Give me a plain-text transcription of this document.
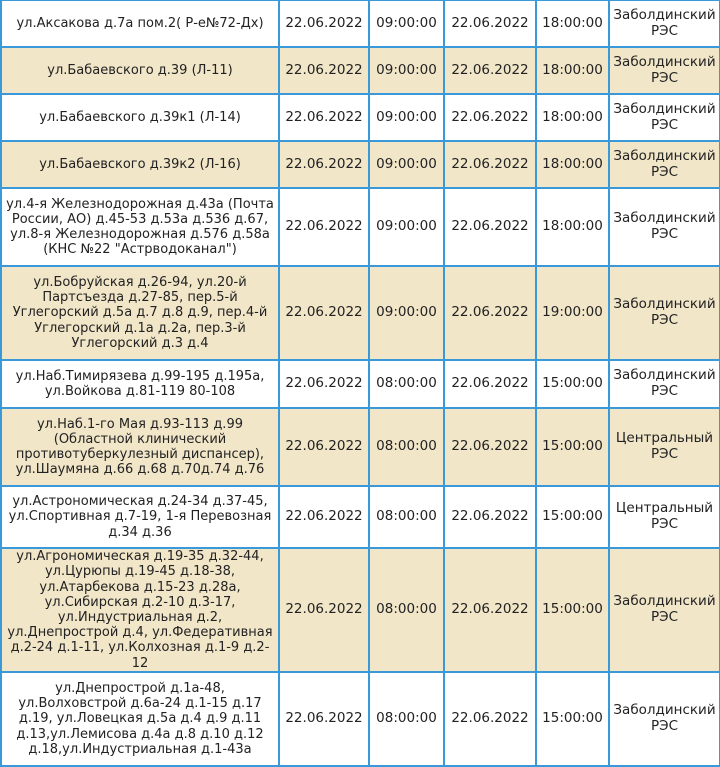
ул.Аксакова д.7а пом.2( Р-е№72-Дх)	22.06.2022	09:00:00	22.06.2022	18:00:00	Заболдинский РЭС
ул.Бабаевского д.39 (Л-11)	22.06.2022	09:00:00	22.06.2022	18:00:00	Заболдинский РЭС
ул.Бабаевского д.39к1 (Л-14)	22.06.2022	09:00:00	22.06.2022	18:00:00	Заболдинский РЭС
ул.Бабаевского д.39к2 (Л-16)	22.06.2022	09:00:00	22.06.2022	18:00:00	Заболдинский РЭС
ул.4-я Железнодорожная д.43а (Почта России, АО) д.45-53 д.53а д.536 д.67, ул.8-я Железнодорожная д.576 д.58а (КНС №22 "Астрводоканал")	22.06.2022	09:00:00	22.06.2022	18:00:00	Заболдинский РЭС
ул.Бобруйская д.26-94, ул.20-й Партсъезда д.27-85, пер.5-й Углегорский д.5а д.7 д.8 д.9, пер.4-й Углегорский д.1а д.2а, пер.3-й Углегорский д.3 д.4	22.06.2022	09:00:00	22.06.2022	19:00:00	Заболдинский РЭС
ул.Наб.Тимирязева д.99-195 д.195а, ул.Войкова д.81-119 80-108	22.06.2022	08:00:00	22.06.2022	15:00:00	Заболдинский РЭС
ул.Наб.1-го Мая д.93-113 д.99 (Областной клинический противотуберкулезный диспансер), ул.Шаумяна д.66 д.68 д.70д.74 д.76	22.06.2022	08:00:00	22.06.2022	15:00:00	Центральный РЭС
ул.Астрономическая д.24-34 д.37-45, ул.Спортивная д.7-19, 1-я Перевозная д.34 д.36	22.06.2022	08:00:00	22.06.2022	15:00:00	Центральный РЭС
ул.Агрономическая д.19-35 д.32-44, ул.Цурюпы д.19-45 д.18-38, ул.Атарбекова д.15-23 д.28а, ул.Сибирская д.2-10 д.3-17, ул.Индустриальная д.2, ул.Днепрострой д.4, ул.Федеративная д.2-24 д.1-11, ул.Колхозная д.1-9 д.2-12	22.06.2022	08:00:00	22.06.2022	15:00:00	Заболдинский РЭС
ул.Днепрострой д.1а-48, ул.Волховстрой д.6а-24 д.1-15 д.17 д.19, ул.Ловецкая д.5а д.4 д.9 д.11 д.13,ул.Лемисова д.4а д.8 д.10 д.12 д.18,ул.Индустриальная д.1-43а	22.06.2022	08:00:00	22.06.2022	15:00:00	Заболдинский РЭС
